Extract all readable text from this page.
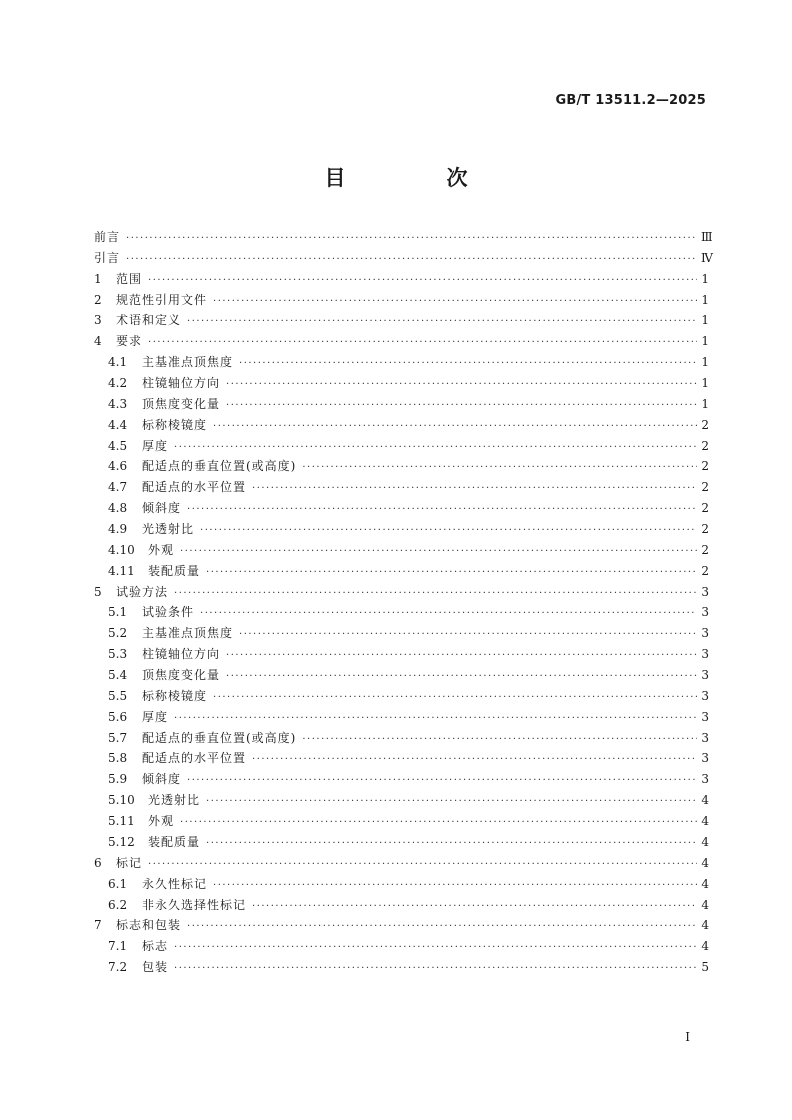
GB/T 13511.2—2025
目　次
前言 ·····	Ⅲ
引言 ·····	Ⅳ
1	范围 ·····	1
2	规范性引用文件 ·····	1
3	术语和定义 ·····	1
4	要求 ·····	1
4.1	主基准点顶焦度 ·····	1
4.2	柱镜轴位方向 ·····	1
4.3	顶焦度变化量 ·····	1
4.4	标称棱镜度 ·····	2
4.5	厚度 ·····	2
4.6	配适点的垂直位置(或高度) ·····	2
4.7	配适点的水平位置 ·····	2
4.8	倾斜度 ·····	2
4.9	光透射比 ·····	2
4.10	外观 ·····	2
4.11	装配质量 ·····	2
5	试验方法 ·····	3
5.1	试验条件 ·····	3
5.2	主基准点顶焦度 ·····	3
5.3	柱镜轴位方向 ·····	3
5.4	顶焦度变化量 ·····	3
5.5	标称棱镜度 ·····	3
5.6	厚度 ·····	3
5.7	配适点的垂直位置(或高度) ·····	3
5.8	配适点的水平位置 ·····	3
5.9	倾斜度 ·····	3
5.10	光透射比 ·····	4
5.11	外观 ·····	4
5.12	装配质量 ·····	4
6	标记 ·····	4
6.1	永久性标记 ·····	4
6.2	非永久选择性标记 ·····	4
7	标志和包装 ·····	4
7.1	标志 ·····	4
7.2	包装 ·····	5
I
